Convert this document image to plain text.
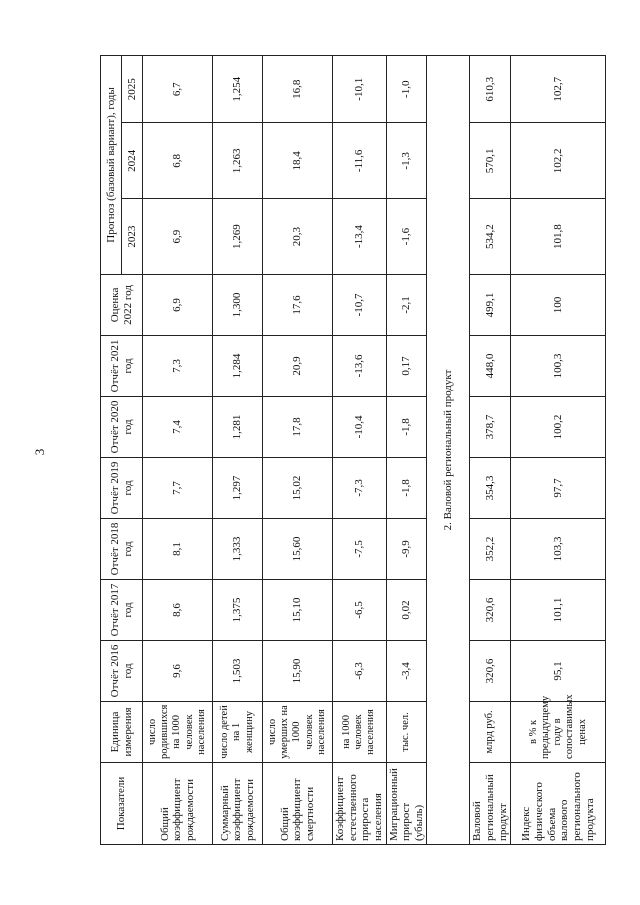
3
Показатели	Единица измерения	Отчёт 2016 год	Отчёт 2017 год	Отчёт 2018 год	Отчёт 2019 год	Отчёт 2020 год	Отчёт 2021 год	Оценка 2022 год	Прогноз (базовый вариант), годы		
									2023	2024	2025
Общий коэффициент рождаемости	число родившихся на 1000 человек населения	9,6	8,6	8,1	7,7	7,4	7,3	6,9	6,9	6,8	6,7
Суммарный коэффициент рождаемости	число детей на 1 женщину	1,503	1,375	1,333	1,297	1,281	1,284	1,300	1,269	1,263	1,254
Общий коэффициент смертности	число умерших на 1000 человек населения	15,90	15,10	15,60	15,02	17,8	20,9	17,6	20,3	18,4	16,8
Коэффициент естественного прироста населения	на 1000 человек населения	-6,3	-6,5	-7,5	-7,3	-10,4	-13,6	-10,7	-13,4	-11,6	-10,1
Миграционный прирост (убыль)	тыс. чел.	-3,4	0,02	-9,9	-1,8	-1,8	0,17	-2,1	-1,6	-1,3	-1,0
2. Валовой региональный продукт											
Валовой региональный продукт	млрд руб.	320,6	320,6	352,2	354,3	378,7	448,0	499,1	534,2	570,1	610,3
Индекс физического объема валового регионального продукта	в % к предыдущему году в сопоставимых ценах	95,1	101,1	103,3	97,7	100,2	100,3	100	101,8	102,2	102,7
